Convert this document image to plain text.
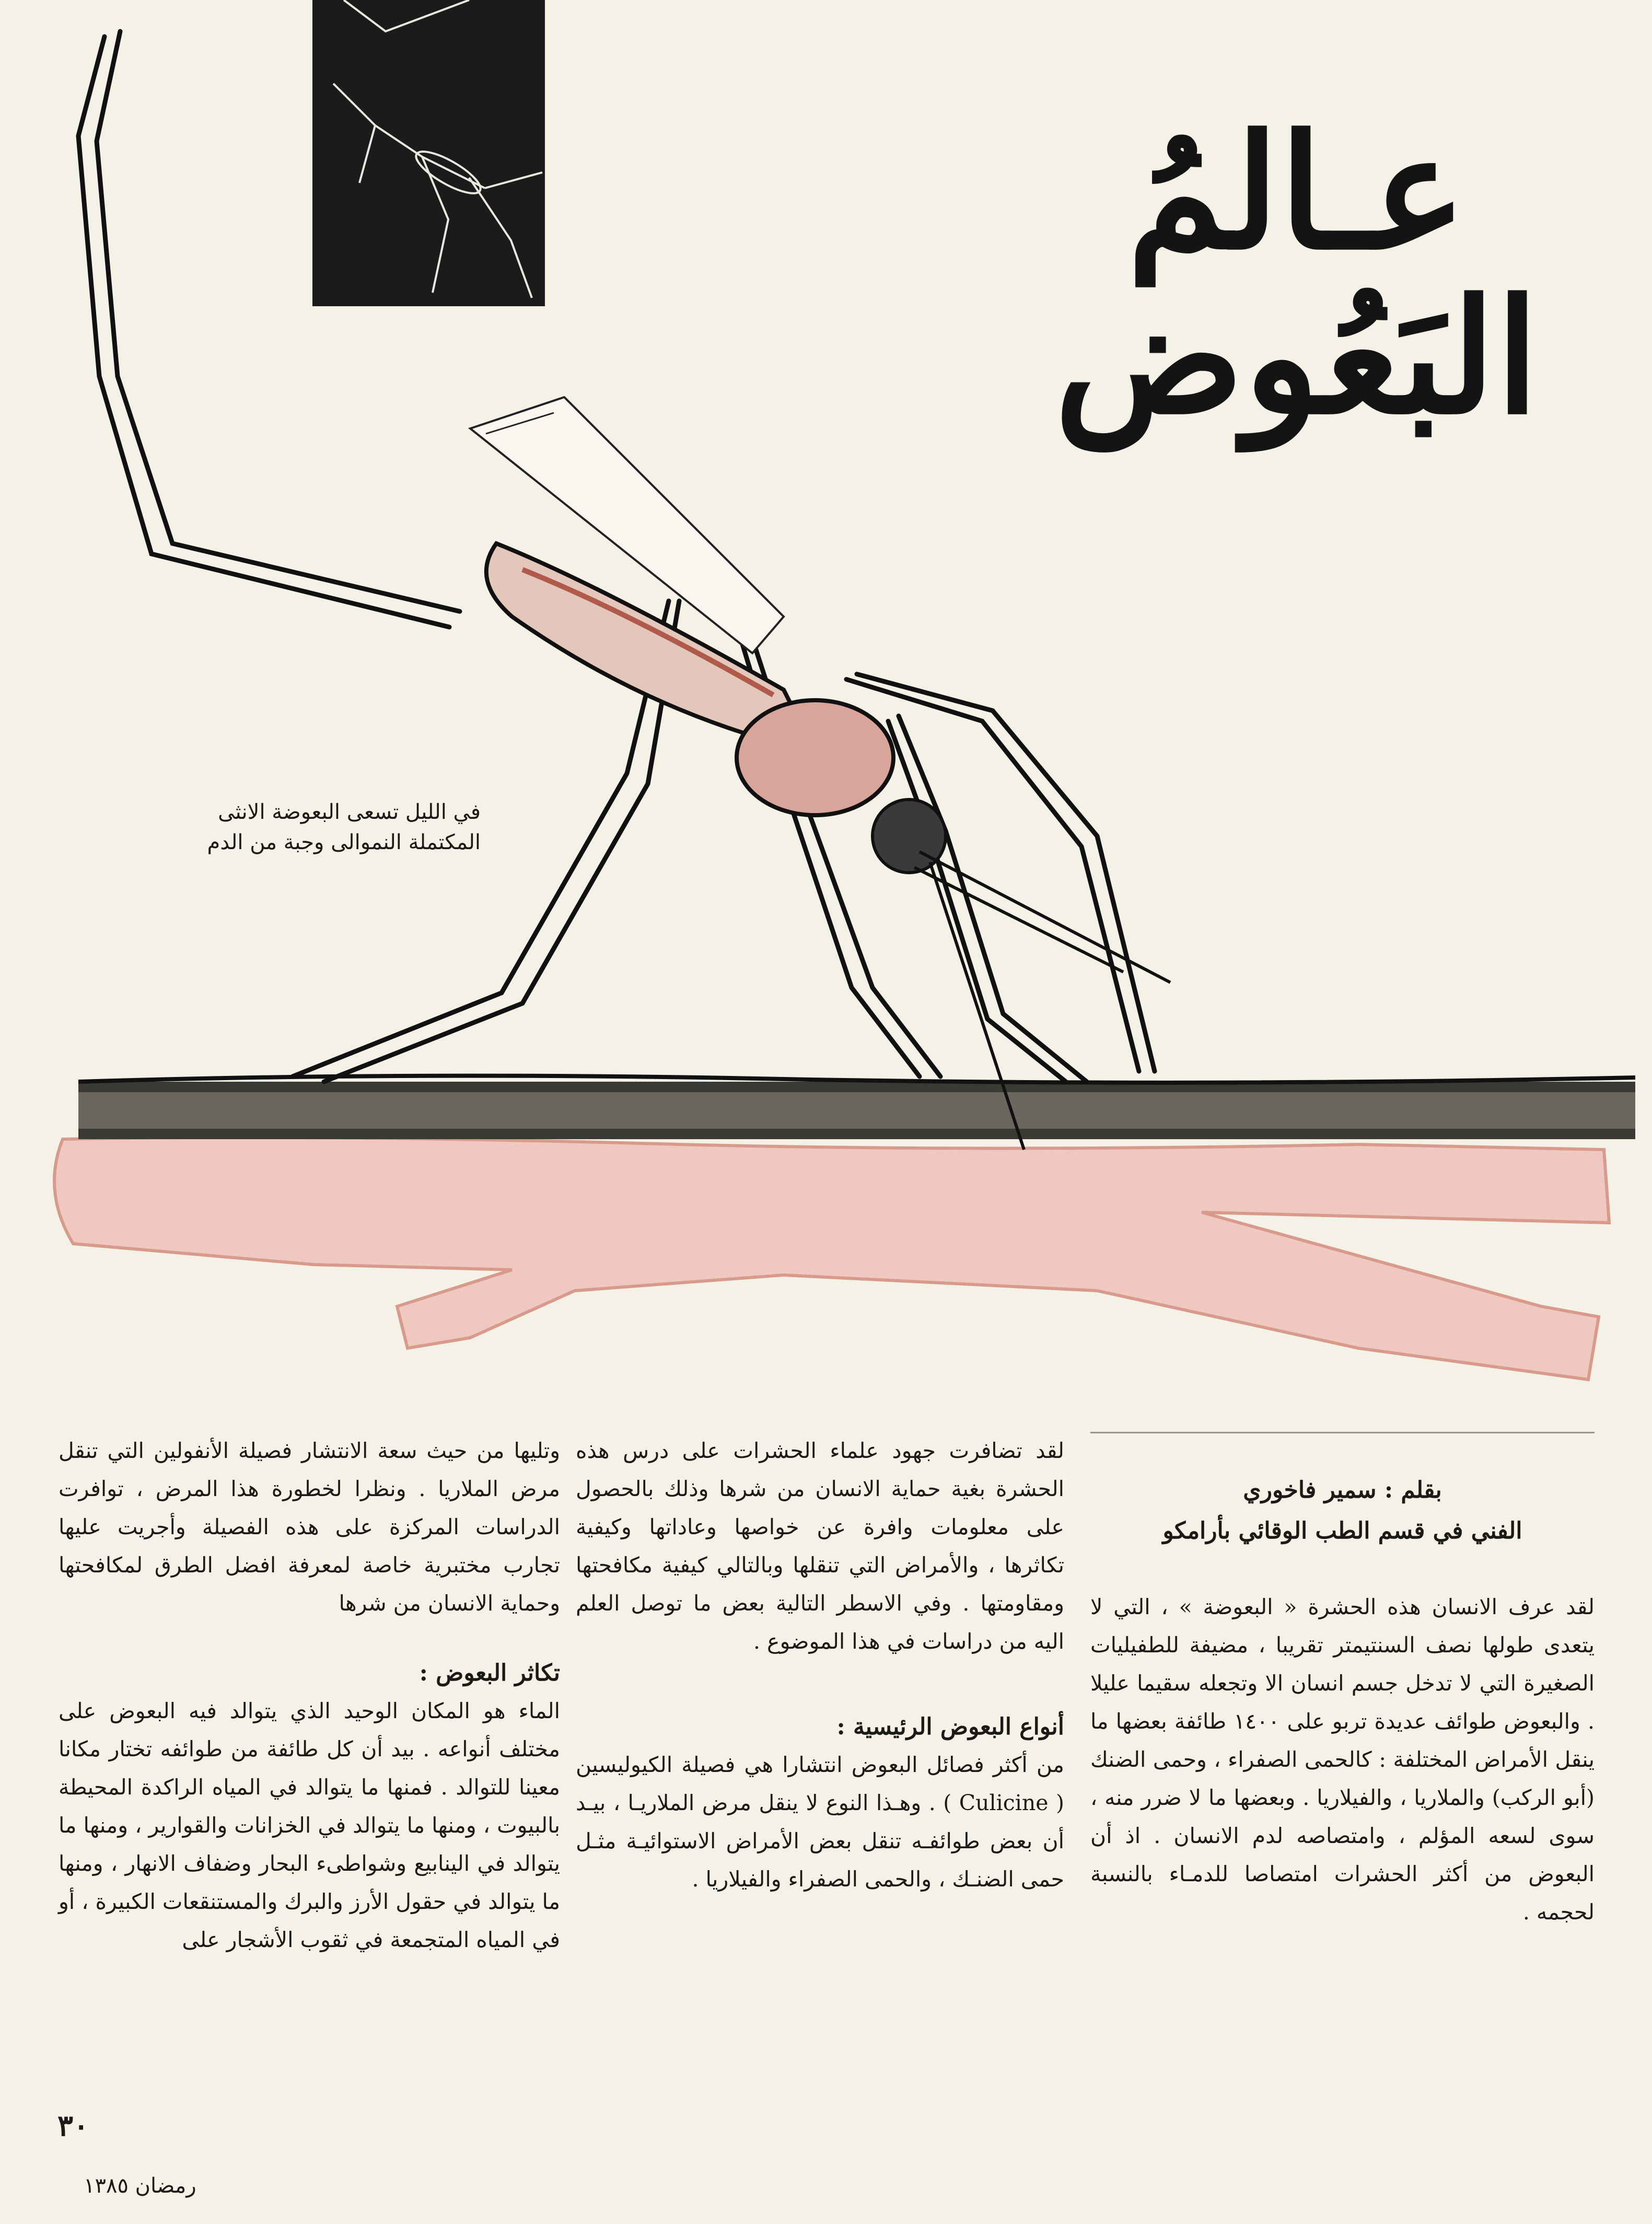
عـالمُ
البَعُوض
في الليل تسعى البعوضة الانثى
المكتملة النموالى وجبة من الدم

بقلم : سمير فاخوري

الفني في قسم الطب الوقائي بأرامكو

لقد عرف الانسان هذه الحشرة « البعوضة » ، التي لا يتعدى طولها نصف السنتيمتر تقريبا ، مضيفة للطفيليات الصغيرة التي لا تدخل جسم انسان الا وتجعله سقيما عليلا . والبعوض طوائف عديدة تربو على ١٤٠٠ طائفة بعضها ما ينقل الأمراض المختلفة : كالحمى الصفراء ، وحمى الضنك (أبو الركب) والملاريا ، والفيلاريا . وبعضها ما لا ضرر منه ، سوى لسعه المؤلم ، وامتصاصه لدم الانسان . اذ أن البعوض من أكثر الحشرات امتصاصا للدمـاء بالنسبة لحجمه .

لقد تضافرت جهود علماء الحشرات على درس هذه الحشرة بغية حماية الانسان من شرها وذلك بالحصول على معلومات وافرة عن خواصها وعاداتها وكيفية تكاثرها ، والأمراض التي تنقلها وبالتالي كيفية مكافحتها ومقاومتها . وفي الاسطر التالية بعض ما توصل العلم اليه من دراسات في هذا الموضوع .

أنواع البعوض الرئيسية :

من أكثر فصائل البعوض انتشارا هي فصيلة الكيوليسين ( Culicine ) . وهـذا النوع لا ينقل مرض الملاريـا ، بيـد أن بعض طوائفـه تنقل بعض الأمراض الاستوائيـة مثـل حمى الضنـك ، والحمى الصفراء والفيلاريا .

وتليها من حيث سعة الانتشار فصيلة الأنفولين التي تنقل مرض الملاريا . ونظرا لخطورة هذا المرض ، توافرت الدراسات المركزة على هذه الفصيلة وأجريت عليها تجارب مختبرية خاصة لمعرفة افضل الطرق لمكافحتها وحماية الانسان من شرها

تكاثر البعوض :

الماء هو المكان الوحيد الذي يتوالد فيه البعوض على مختلف أنواعه . بيد أن كل طائفة من طوائفه تختار مكانا معينا للتوالد . فمنها ما يتوالد في المياه الراكدة المحيطة بالبيوت ، ومنها ما يتوالد في الخزانات والقوارير ، ومنها ما يتوالد في الينابيع وشواطىء البحار وضفاف الانهار ، ومنها ما يتوالد في حقول الأرز والبرك والمستنقعات الكبيرة ، أو في المياه المتجمعة في ثقوب الأشجار على

٣٠
رمضان ١٣٨٥
